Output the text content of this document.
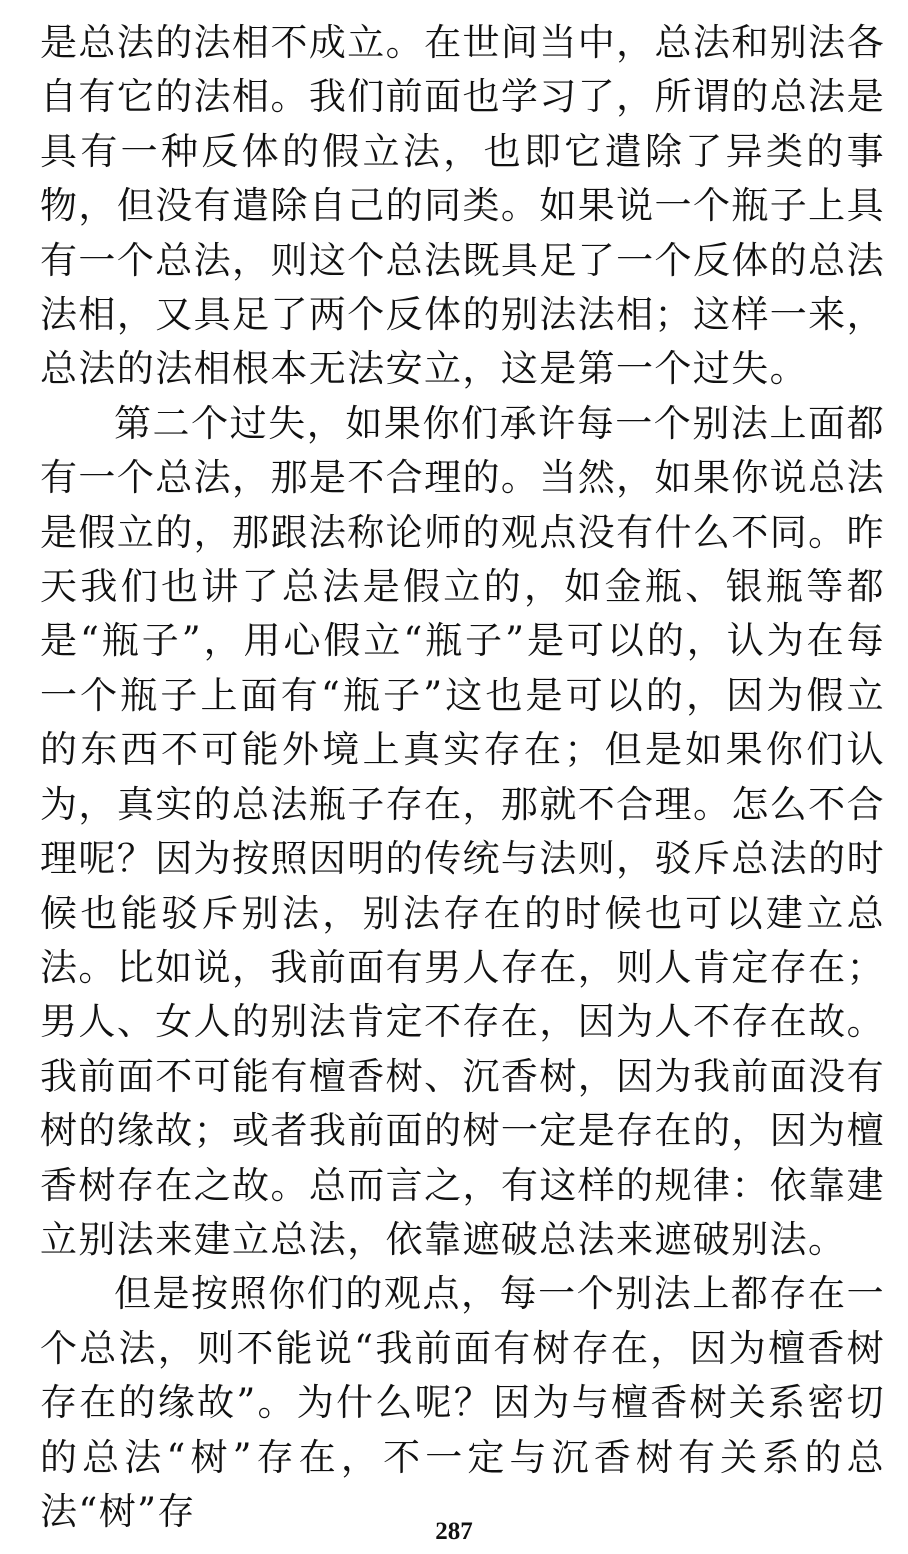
是总法的法相不成立。在世间当中，总法和别法各自有它的法相。我们前面也学习了，所谓的总法是具有一种反体的假立法，也即它遣除了异类的事物，但没有遣除自己的同类。如果说一个瓶子上具有一个总法，则这个总法既具足了一个反体的总法法相，又具足了两个反体的别法法相；这样一来，总法的法相根本无法安立，这是第一个过失。

第二个过失，如果你们承许每一个别法上面都有一个总法，那是不合理的。当然，如果你说总法是假立的，那跟法称论师的观点没有什么不同。昨天我们也讲了总法是假立的，如金瓶、银瓶等都是“瓶子”，用心假立“瓶子”是可以的，认为在每一个瓶子上面有“瓶子”这也是可以的，因为假立的东西不可能外境上真实存在；但是如果你们认为，真实的总法瓶子存在，那就不合理。怎么不合理呢？因为按照因明的传统与法则，驳斥总法的时候也能驳斥别法，别法存在的时候也可以建立总法。比如说，我前面有男人存在，则人肯定存在；男人、女人的别法肯定不存在，因为人不存在故。我前面不可能有檀香树、沉香树，因为我前面没有树的缘故；或者我前面的树一定是存在的，因为檀香树存在之故。总而言之，有这样的规律：依靠建立别法来建立总法，依靠遮破总法来遮破别法。

但是按照你们的观点，每一个别法上都存在一个总法，则不能说“我前面有树存在，因为檀香树存在的缘故”。为什么呢？因为与檀香树关系密切的总法“树”存在，不一定与沉香树有关系的总法“树”存	287
